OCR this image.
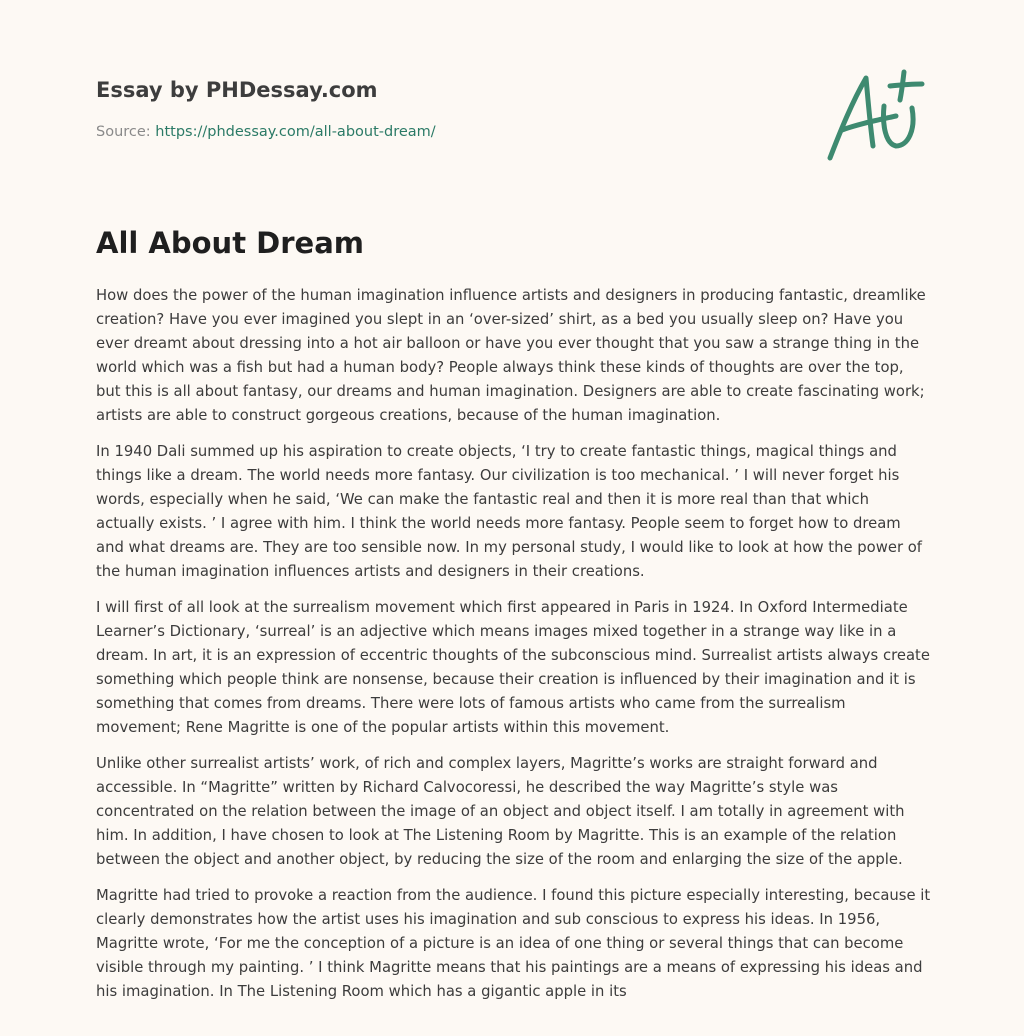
Essay by PHDessay.com
Source: https://phdessay.com/all-about-dream/
All About Dream

How does the power of the human imagination influence artists and designers in producing fantastic, dreamlike creation? Have you ever imagined you slept in an ‘over-sized’ shirt, as a bed you usually sleep on? Have you ever dreamt about dressing into a hot air balloon or have you ever thought that you saw a strange thing in the world which was a fish but had a human body? People always think these kinds of thoughts are over the top, but this is all about fantasy, our dreams and human imagination. Designers are able to create fascinating work; artists are able to construct gorgeous creations, because of the human imagination.

In 1940 Dali summed up his aspiration to create objects, ‘I try to create fantastic things, magical things and things like a dream. The world needs more fantasy. Our civilization is too mechanical. ’ I will never forget his words, especially when he said, ‘We can make the fantastic real and then it is more real than that which actually exists. ’ I agree with him. I think the world needs more fantasy. People seem to forget how to dream and what dreams are. They are too sensible now. In my personal study, I would like to look at how the power of the human imagination influences artists and designers in their creations.

I will first of all look at the surrealism movement which first appeared in Paris in 1924. In Oxford Intermediate Learner’s Dictionary, ‘surreal’ is an adjective which means images mixed together in a strange way like in a dream. In art, it is an expression of eccentric thoughts of the subconscious mind. Surrealist artists always create something which people think are nonsense, because their creation is influenced by their imagination and it is something that comes from dreams. There were lots of famous artists who came from the surrealism movement; Rene Magritte is one of the popular artists within this movement.

Unlike other surrealist artists’ work, of rich and complex layers, Magritte’s works are straight forward and accessible. In “Magritte” written by Richard Calvocoressi, he described the way Magritte’s style was concentrated on the relation between the image of an object and object itself. I am totally in agreement with him. In addition, I have chosen to look at The Listening Room by Magritte. This is an example of the relation between the object and another object, by reducing the size of the room and enlarging the size of the apple.

Magritte had tried to provoke a reaction from the audience. I found this picture especially interesting, because it clearly demonstrates how the artist uses his imagination and sub conscious to express his ideas. In 1956, Magritte wrote, ‘For me the conception of a picture is an idea of one thing or several things that can become visible through my painting. ’ I think Magritte means that his paintings are a means of expressing his ideas and his imagination. In The Listening Room which has a gigantic apple in its
